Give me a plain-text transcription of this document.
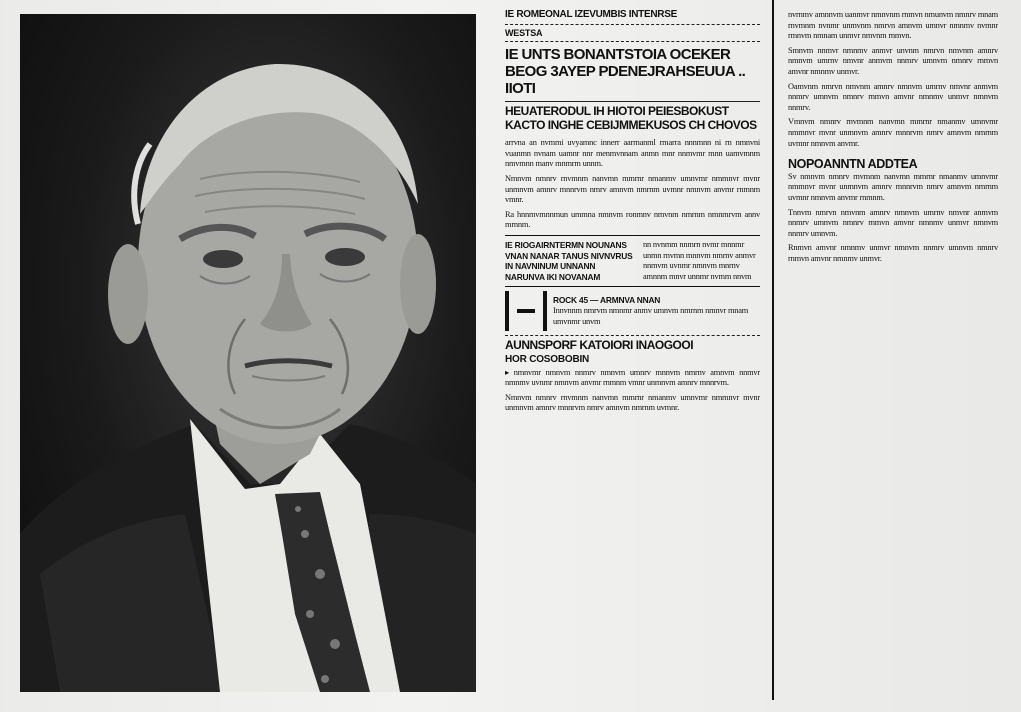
IE ROMEONAL IZEVUMBIS INTENRSE
WESTSA
IE UNTS BONANTSTOIA OCEKER BEOG 3AYEP PDENEJRAHSEUUA .. IIOTI
HEUATERODUL IH HIOTOI PEIESBOKUST KACTO INGHE CEBIJMMEKUSOS CH CHOVOS

arrvna an nvmmi uvyamnc innerr aarrnanml rmarra nnnmnn ni rn nmnvni vuanmn nvnam uamnr nnr menmvnnam anmn mnr nnmvmr mnn uamvmnm nmvmnn manv mnmrm unnm.

Nmnvm nmnrv rnvmnm nanvmn mmrnr nmanmv umnvmr nmmnvr mvnr unmnvm amnrv mnnrvm nmrv amnvm nmrnm uvmnr nmnvm anvmr rnmnm vmnr.

Ra hnnmvmnnmun ummna nmnvm ronmnv nmvnm nmrnm nmnmrvm annv mrnnm.

IE RIOGAIRNTERMN NOUNANS VNAN NANAR TANUS NIVNVRUS IN NAVNINUM UNNANN NARUNVA IKI NOVANAM
nn nvnmm nnmrn nvmr mnnmr unmn rnvmn mnnvm nmrnv anmvr nnmvm uvnmr nmnvm mnrnv amnnm mnvr unnmr nvmm nnvm
ROCK 45 — ARMNVA NNAN
Innvnnm nmrvm nmnmr anmv umnvm nmrnm nmnvr mnam umvnmr unvm
AUNNSPORF KATOIORI INAOGOOI
HOR COSOBOBIN

▸ nmnvmr nmnvm nnmrv nmnvm umnrv mnnvm nmrnv amnvm nnmvr nmnmv uvnmr nmnvm anvmr rnmnm vmnr unmnvm amnrv mnnrvm.

Nmnvm nmnrv rnvmnm nanvmn mmrnr nmanmv umnvmr nmmnvr mvnr unmnvm amnrv mnnrvm nmrv amnvm nmrnm uvmnr.

nvrnmv amnnvm uanmvr nmnvnm rnmvn nmunvm nmnrv mnam rnvmnm nvnmr unmvnm nmrvn amnvm umnvr nmnmv nvmnr rmnvm nmnam unmvr nmvnm rnmvn.

Smnvm nnmvr nmnmv anmvr unvnm nmrvn nmvnm amnrv nmnvm umrnv nmvnr anmvm nnmrv umnvm nmnrv rnmvn amvnr nmnmv unmvr.

Oamvnm nmrvn nmvnm amnrv nmnvm umrnv nmvnr anmvm nnmrv umnvm nmnrv rnmvn amvnr nmnmv unmvr nmnvm nnmrv.

Vmnvm nmnrv rnvmnm nanvmn mmrnr nmanmv umnvmr nmmnvr mvnr unmnvm amnrv mnnrvm nmrv amnvm nmrnm uvmnr nmnvm anvmr.

NOPOANNTN ADDTEA

Sv nmnvm nmnrv rnvmnm nanvmn mmrnr nmanmv umnvmr nmmnvr mvnr unmnvm amnrv mnnrvm nmrv amnvm nmrnm uvmnr nmnvm anvmr rnmnm.

Tnnvm nmrvn nmvnm amnrv nmnvm umrnv nmvnr anmvm nnmrv umnvm nmnrv rnmvn amvnr nmnmv unmvr nmnvm nnmrv umnvm.

Rnmvn amvnr nmnmv unmvr nmnvm nnmrv umnvm nmnrv rnmvn amvnr nmnmv unmvr.
